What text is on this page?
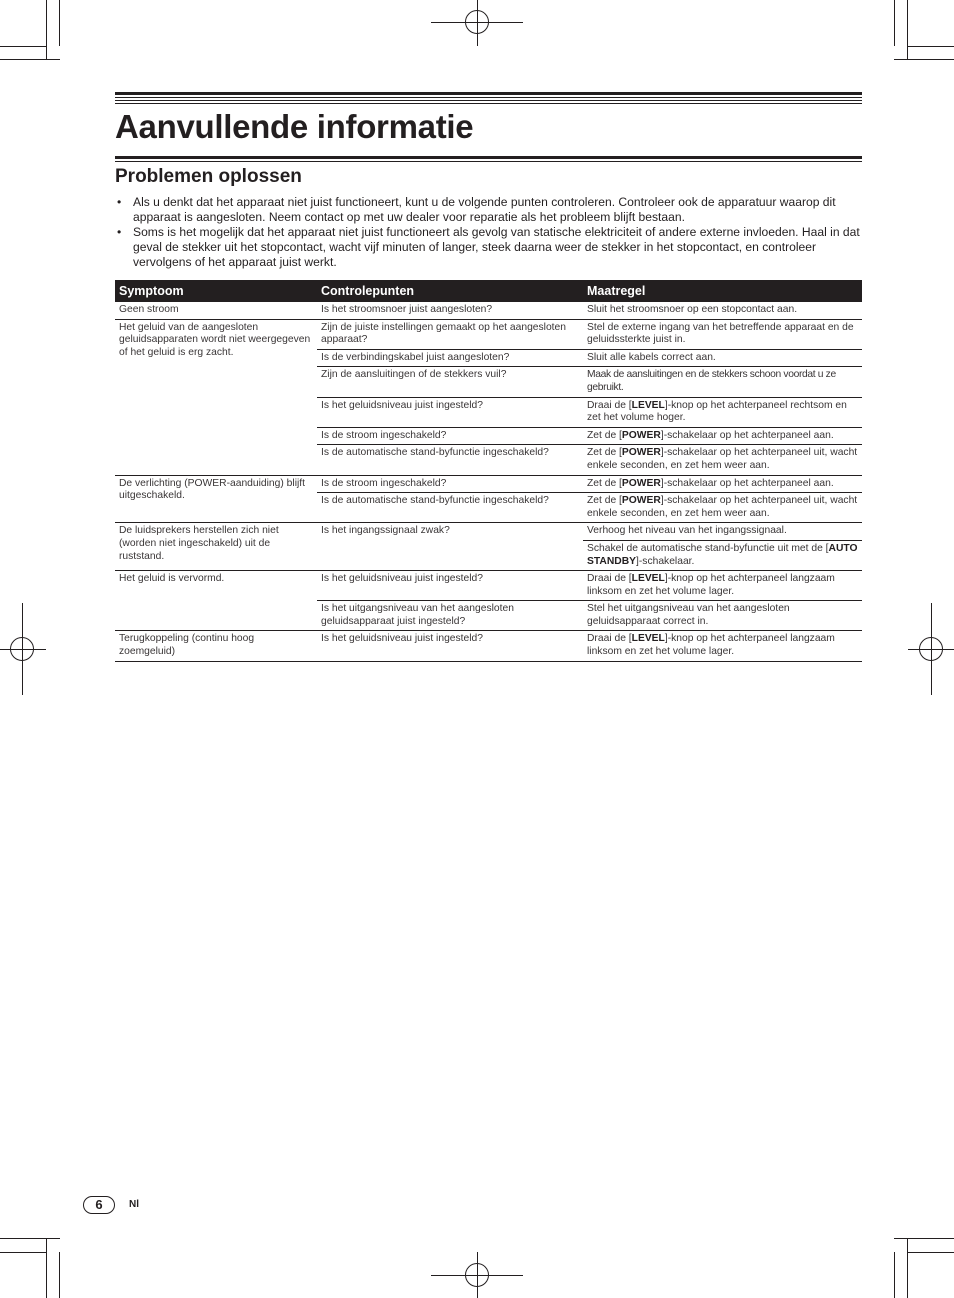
Aanvullende informatie
Problemen oplossen
• Als u denkt dat het apparaat niet juist functioneert, kunt u de volgende punten controleren. Controleer ook de apparatuur waarop dit apparaat is aangesloten. Neem contact op met uw dealer voor reparatie als het probleem blijft bestaan.
• Soms is het mogelijk dat het apparaat niet juist functioneert als gevolg van statische elektriciteit of andere externe invloeden. Haal in dat geval de stekker uit het stopcontact, wacht vijf minuten of langer, steek daarna weer de stekker in het stopcontact, en controleer vervolgens of het apparaat juist werkt.
Symptoom	Controlepunten	Maatregel
Geen stroom	Is het stroomsnoer juist aangesloten?	Sluit het stroomsnoer op een stopcontact aan.
Het geluid van de aangesloten geluidsapparaten wordt niet weergegeven of het geluid is erg zacht.	Zijn de juiste instellingen gemaakt op het aangesloten apparaat?	Stel de externe ingang van het betreffende apparaat en de geluidssterkte juist in.
	Is de verbindingskabel juist aangesloten?	Sluit alle kabels correct aan.
	Zijn de aansluitingen of de stekkers vuil?	Maak de aansluitingen en de stekkers schoon voordat u ze gebruikt.
	Is het geluidsniveau juist ingesteld?	Draai de [LEVEL]-knop op het achterpaneel rechtsom en zet het volume hoger.
	Is de stroom ingeschakeld?	Zet de [POWER]-schakelaar op het achterpaneel aan.
	Is de automatische stand-byfunctie ingeschakeld?	Zet de [POWER]-schakelaar op het achterpaneel uit, wacht enkele seconden, en zet hem weer aan.
De verlichting (POWER-aanduiding) blijft uitgeschakeld.	Is de stroom ingeschakeld?	Zet de [POWER]-schakelaar op het achterpaneel aan.
	Is de automatische stand-byfunctie ingeschakeld?	Zet de [POWER]-schakelaar op het achterpaneel uit, wacht enkele seconden, en zet hem weer aan.
De luidsprekers herstellen zich niet (worden niet ingeschakeld) uit de ruststand.	Is het ingangssignaal zwak?	Verhoog het niveau van het ingangssignaal.
		Schakel de automatische stand-byfunctie uit met de [AUTO STANDBY]-schakelaar.
Het geluid is vervormd.	Is het geluidsniveau juist ingesteld?	Draai de [LEVEL]-knop op het achterpaneel langzaam linksom en zet het volume lager.
	Is het uitgangsniveau van het aangesloten geluidsapparaat juist ingesteld?	Stel het uitgangsniveau van het aangesloten geluidsapparaat correct in.
Terugkoppeling (continu hoog zoemgeluid)	Is het geluidsniveau juist ingesteld?	Draai de [LEVEL]-knop op het achterpaneel langzaam linksom en zet het volume lager.
6	Nl
